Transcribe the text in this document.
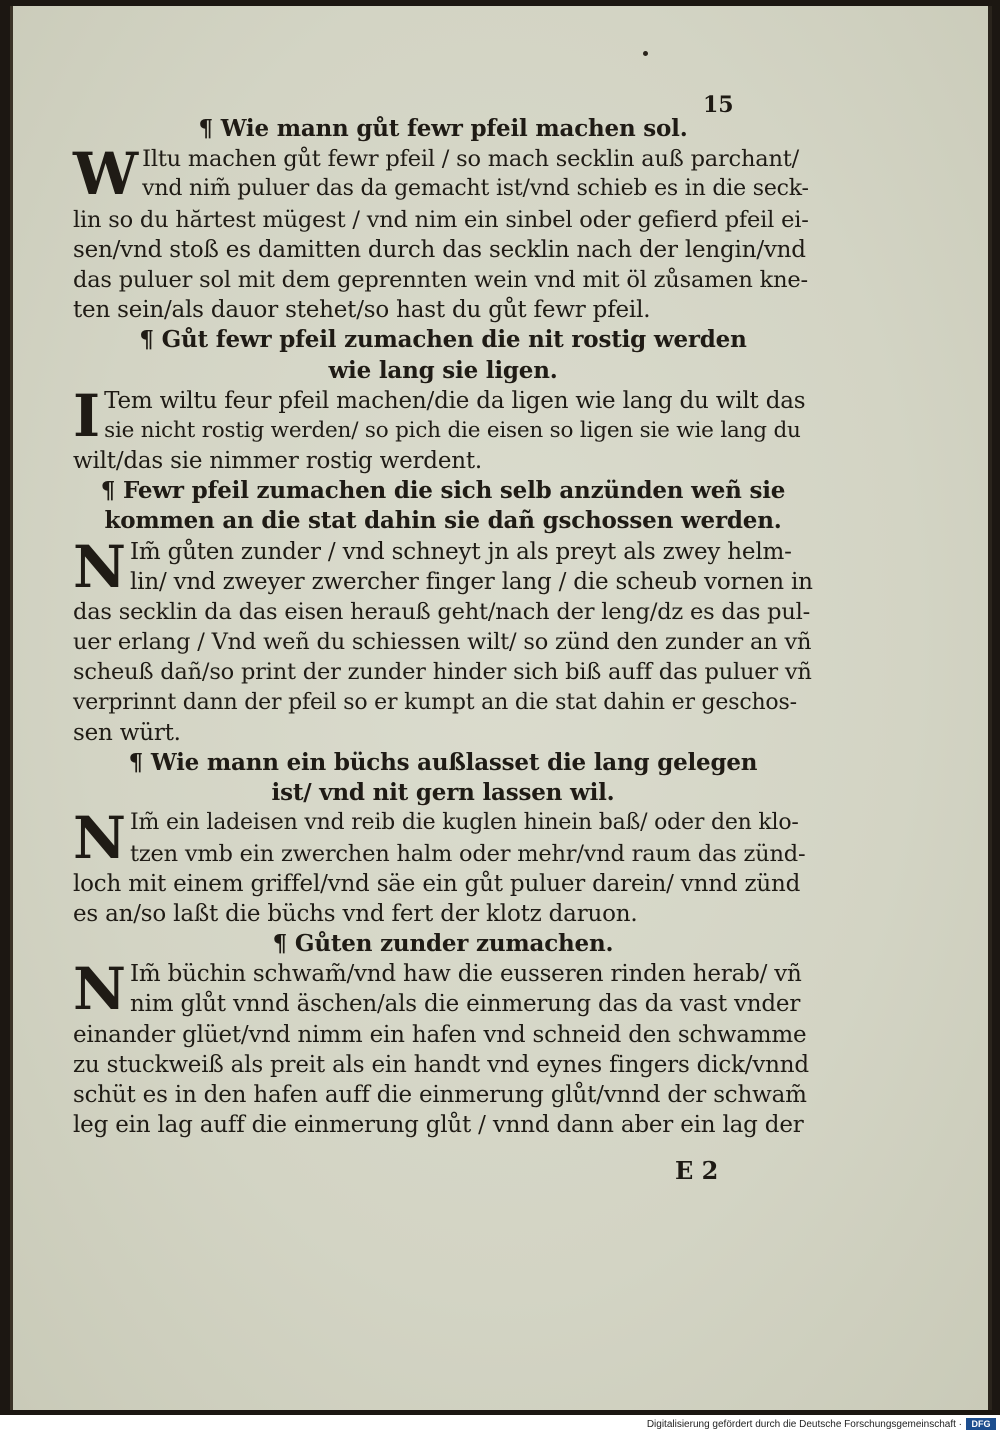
15
¶ Wie mann gůt fewr pfeil machen sol.
W Iltu machen gůt fewr pfeil / so mach secklin auß parchant/
vnd nim̃ puluer das da gemacht ist/vnd schieb es in die seck-
lin so du hărtest mügest / vnd nim ein sinbel oder gefierd pfeil ei-
sen/vnd stoß es damitten durch das secklin nach der lengin/vnd
das puluer sol mit dem geprennten wein vnd mit öl zůsamen kne-
ten sein/als dauor stehet/so hast du gůt fewr pfeil.
¶ Gůt fewr pfeil zumachen die nit rostig werden
wie lang sie ligen.
I Tem wiltu feur pfeil machen/die da ligen wie lang du wilt das
sie nicht rostig werden/ so pich die eisen so ligen sie wie lang du
wilt/das sie nimmer rostig werdent.
¶ Fewr pfeil zumachen die sich selb anzünden weñ sie
kommen an die stat dahin sie dañ gschossen werden.
N Im̃ gůten zunder / vnd schneyt jn als preyt als zwey helm-
lin/ vnd zweyer zwercher finger lang / die scheub vornen in
das secklin da das eisen herauß geht/nach der leng/dz es das pul-
uer erlang / Vnd weñ du schiessen wilt/ so zünd den zunder an vñ
scheuß dañ/so print der zunder hinder sich biß auff das puluer vñ
verprinnt dann der pfeil so er kumpt an die stat dahin er geschos-
sen würt.
¶ Wie mann ein büchs außlasset die lang gelegen
ist/ vnd nit gern lassen wil.
N Im̃ ein ladeisen vnd reib die kuglen hinein baß/ oder den klo-
tzen vmb ein zwerchen halm oder mehr/vnd raum das zünd-
loch mit einem griffel/vnd säe ein gůt puluer darein/ vnnd zünd
es an/so laßt die büchs vnd fert der klotz daruon.
¶ Gůten zunder zumachen.
N Im̃ büchin schwam̃/vnd haw die eusseren rinden herab/ vñ
nim glůt vnnd äschen/als die einmerung das da vast vnder
einander glüet/vnd nimm ein hafen vnd schneid den schwamme
zu stuckweiß als preit als ein handt vnd eynes fingers dick/vnnd
schüt es in den hafen auff die einmerung glůt/vnnd der schwam̃
leg ein lag auff die einmerung glůt / vnnd dann aber ein lag der
E 2
Digitalisierung gefördert durch die Deutsche Forschungsgemeinschaft ·	DFG
